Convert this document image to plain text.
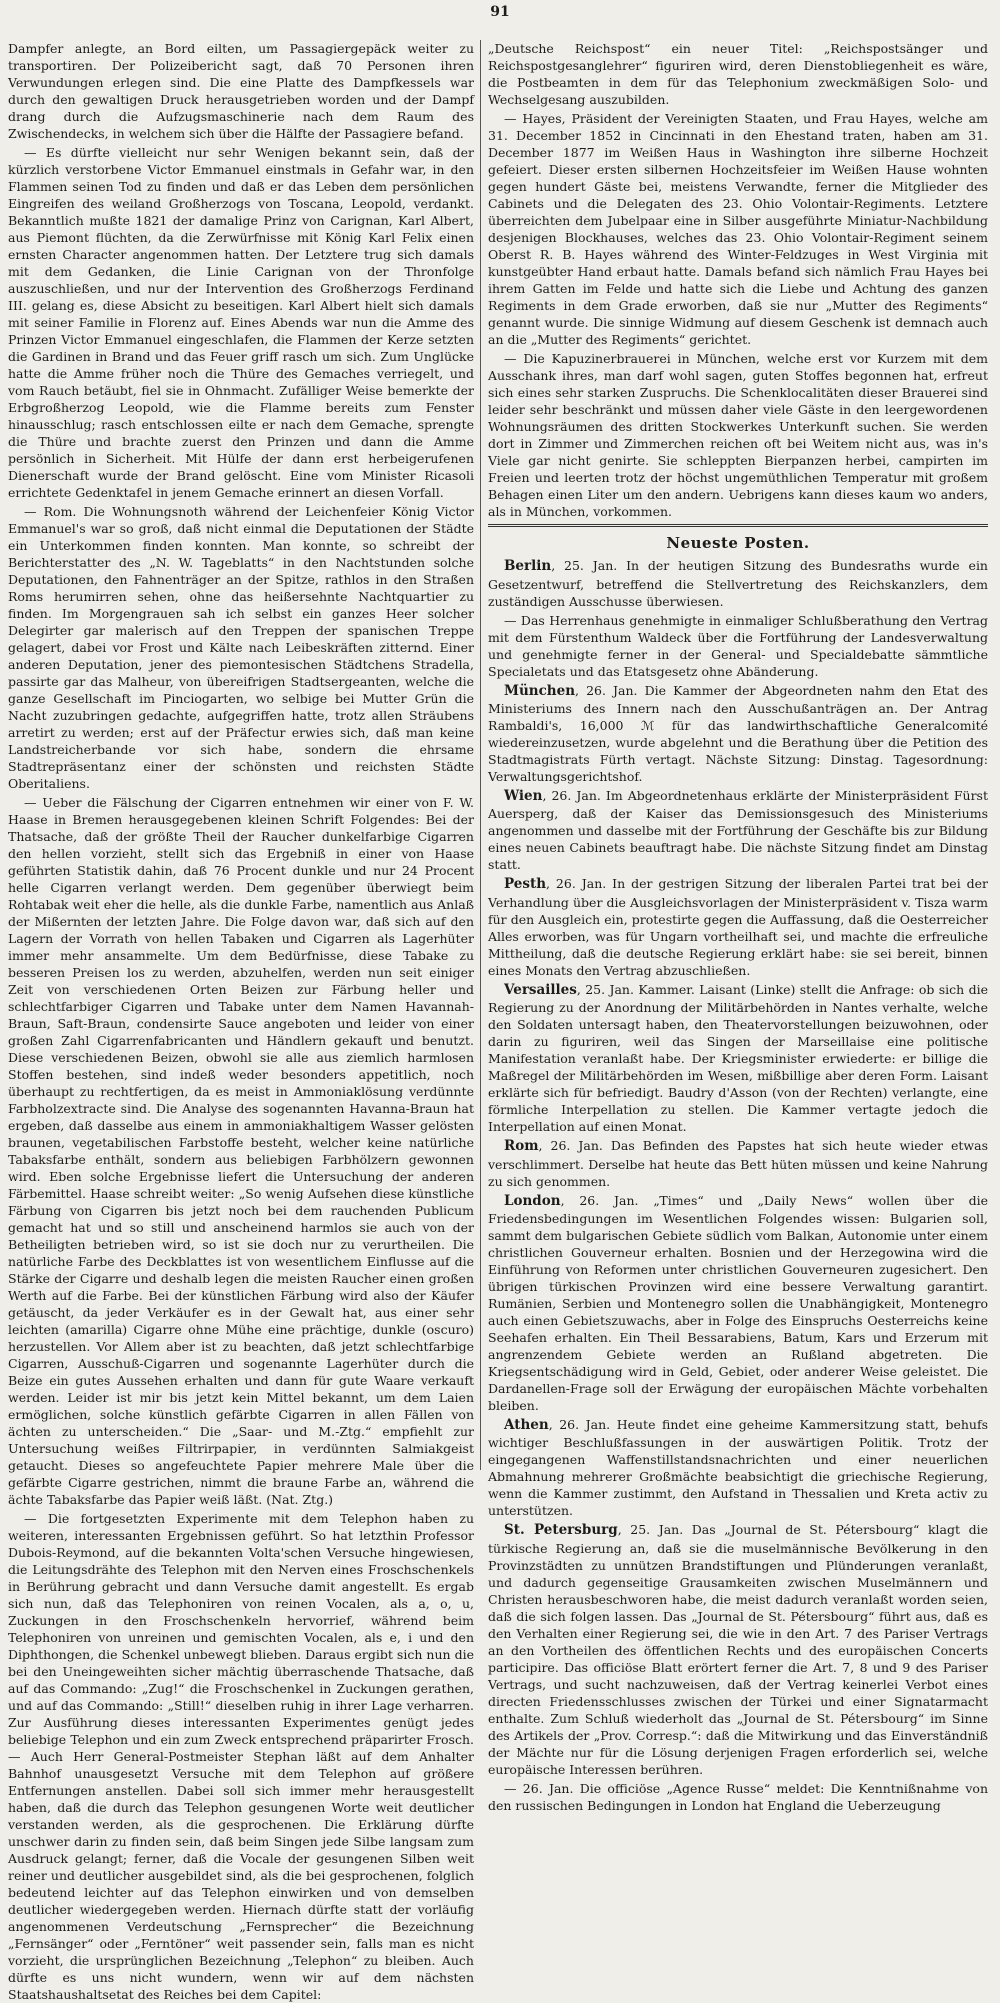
91

Dampfer anlegte, an Bord eilten, um Passagiergepäck weiter zu transportiren. Der Polizeibericht sagt, daß 70 Personen ihren Verwundungen erlegen sind. Die eine Platte des Dampfkessels war durch den gewaltigen Druck herausgetrieben worden und der Dampf drang durch die Aufzugsmaschinerie nach dem Raum des Zwischendecks, in welchem sich über die Hälfte der Passagiere befand.

— Es dürfte vielleicht nur sehr Wenigen bekannt sein, daß der kürzlich verstorbene Victor Emmanuel einstmals in Gefahr war, in den Flammen seinen Tod zu finden und daß er das Leben dem persönlichen Eingreifen des weiland Großherzogs von Toscana, Leopold, verdankt. Bekanntlich mußte 1821 der damalige Prinz von Carignan, Karl Albert, aus Piemont flüchten, da die Zerwürfnisse mit König Karl Felix einen ernsten Character angenommen hatten. Der Letztere trug sich damals mit dem Gedanken, die Linie Carignan von der Thronfolge auszuschließen, und nur der Intervention des Großherzogs Ferdinand III. gelang es, diese Absicht zu beseitigen. Karl Albert hielt sich damals mit seiner Familie in Florenz auf. Eines Abends war nun die Amme des Prinzen Victor Emmanuel eingeschlafen, die Flammen der Kerze setzten die Gardinen in Brand und das Feuer griff rasch um sich. Zum Unglücke hatte die Amme früher noch die Thüre des Gemaches verriegelt, und vom Rauch betäubt, fiel sie in Ohnmacht. Zufälliger Weise bemerkte der Erbgroßherzog Leopold, wie die Flamme bereits zum Fenster hinausschlug; rasch entschlossen eilte er nach dem Gemache, sprengte die Thüre und brachte zuerst den Prinzen und dann die Amme persönlich in Sicherheit. Mit Hülfe der dann erst herbeigerufenen Dienerschaft wurde der Brand gelöscht. Eine vom Minister Ricasoli errichtete Gedenktafel in jenem Gemache erinnert an diesen Vorfall.

— Rom. Die Wohnungsnoth während der Leichenfeier König Victor Emmanuel's war so groß, daß nicht einmal die Deputationen der Städte ein Unterkommen finden konnten. Man konnte, so schreibt der Berichterstatter des „N. W. Tageblatts“ in den Nachtstunden solche Deputationen, den Fahnenträger an der Spitze, rathlos in den Straßen Roms herumirren sehen, ohne das heißersehnte Nachtquartier zu finden. Im Morgengrauen sah ich selbst ein ganzes Heer solcher Delegirter gar malerisch auf den Treppen der spanischen Treppe gelagert, dabei vor Frost und Kälte nach Leibeskräften zitternd. Einer anderen Deputation, jener des piemontesischen Städtchens Stradella, passirte gar das Malheur, von übereifrigen Stadtsergeanten, welche die ganze Gesellschaft im Pinciogarten, wo selbige bei Mutter Grün die Nacht zuzubringen gedachte, aufgegriffen hatte, trotz allen Sträubens arretirt zu werden; erst auf der Präfectur erwies sich, daß man keine Landstreicherbande vor sich habe, sondern die ehrsame Stadtrepräsentanz einer der schönsten und reichsten Städte Oberitaliens.

— Ueber die Fälschung der Cigarren entnehmen wir einer von F. W. Haase in Bremen herausgegebenen kleinen Schrift Folgendes: Bei der Thatsache, daß der größte Theil der Raucher dunkelfarbige Cigarren den hellen vorzieht, stellt sich das Ergebniß in einer von Haase geführten Statistik dahin, daß 76 Procent dunkle und nur 24 Procent helle Cigarren verlangt werden. Dem gegenüber überwiegt beim Rohtabak weit eher die helle, als die dunkle Farbe, namentlich aus Anlaß der Mißernten der letzten Jahre. Die Folge davon war, daß sich auf den Lagern der Vorrath von hellen Tabaken und Cigarren als Lagerhüter immer mehr ansammelte. Um dem Bedürfnisse, diese Tabake zu besseren Preisen los zu werden, abzuhelfen, werden nun seit einiger Zeit von verschiedenen Orten Beizen zur Färbung heller und schlechtfarbiger Cigarren und Tabake unter dem Namen Havannah-Braun, Saft-Braun, condensirte Sauce angeboten und leider von einer großen Zahl Cigarrenfabricanten und Händlern gekauft und benutzt. Diese verschiedenen Beizen, obwohl sie alle aus ziemlich harmlosen Stoffen bestehen, sind indeß weder besonders appetitlich, noch überhaupt zu rechtfertigen, da es meist in Ammoniaklösung verdünnte Farbholzextracte sind. Die Analyse des sogenannten Havanna-Braun hat ergeben, daß dasselbe aus einem in ammoniakhaltigem Wasser gelösten braunen, vegetabilischen Farbstoffe besteht, welcher keine natürliche Tabaksfarbe enthält, sondern aus beliebigen Farbhölzern gewonnen wird. Eben solche Ergebnisse liefert die Untersuchung der anderen Färbemittel. Haase schreibt weiter: „So wenig Aufsehen diese künstliche Färbung von Cigarren bis jetzt noch bei dem rauchenden Publicum gemacht hat und so still und anscheinend harmlos sie auch von der Betheiligten betrieben wird, so ist sie doch nur zu verurtheilen. Die natürliche Farbe des Deckblattes ist von wesentlichem Einflusse auf die Stärke der Cigarre und deshalb legen die meisten Raucher einen großen Werth auf die Farbe. Bei der künstlichen Färbung wird also der Käufer getäuscht, da jeder Verkäufer es in der Gewalt hat, aus einer sehr leichten (amarilla) Cigarre ohne Mühe eine prächtige, dunkle (oscuro) herzustellen. Vor Allem aber ist zu beachten, daß jetzt schlechtfarbige Cigarren, Ausschuß-Cigarren und sogenannte Lagerhüter durch die Beize ein gutes Aussehen erhalten und dann für gute Waare verkauft werden. Leider ist mir bis jetzt kein Mittel bekannt, um dem Laien ermöglichen, solche künstlich gefärbte Cigarren in allen Fällen von ächten zu unterscheiden.“ Die „Saar- und M.-Ztg.“ empfiehlt zur Untersuchung weißes Filtrirpapier, in verdünnten Salmiakgeist getaucht. Dieses so angefeuchtete Papier mehrere Male über die gefärbte Cigarre gestrichen, nimmt die braune Farbe an, während die ächte Tabaksfarbe das Papier weiß läßt. (Nat. Ztg.)

— Die fortgesetzten Experimente mit dem Telephon haben zu weiteren, interessanten Ergebnissen geführt. So hat letzthin Professor Dubois-Reymond, auf die bekannten Volta'schen Versuche hingewiesen, die Leitungsdrähte des Telephon mit den Nerven eines Froschschenkels in Berührung gebracht und dann Versuche damit angestellt. Es ergab sich nun, daß das Telephoniren von reinen Vocalen, als a, o, u, Zuckungen in den Froschschenkeln hervorrief, während beim Telephoniren von unreinen und gemischten Vocalen, als e, i und den Diphthongen, die Schenkel unbewegt blieben. Daraus ergibt sich nun die bei den Uneingeweihten sicher mächtig überraschende Thatsache, daß auf das Commando: „Zug!“ die Froschschenkel in Zuckungen gerathen, und auf das Commando: „Still!“ dieselben ruhig in ihrer Lage verharren. Zur Ausführung dieses interessanten Experimentes genügt jedes beliebige Telephon und ein zum Zweck entsprechend präparirter Frosch. — Auch Herr General-Postmeister Stephan läßt auf dem Anhalter Bahnhof unausgesetzt Versuche mit dem Telephon auf größere Entfernungen anstellen. Dabei soll sich immer mehr herausgestellt haben, daß die durch das Telephon gesungenen Worte weit deutlicher verstanden werden, als die gesprochenen. Die Erklärung dürfte unschwer darin zu finden sein, daß beim Singen jede Silbe langsam zum Ausdruck gelangt; ferner, daß die Vocale der gesungenen Silben weit reiner und deutlicher ausgebildet sind, als die bei gesprochenen, folglich bedeutend leichter auf das Telephon einwirken und von demselben deutlicher wiedergegeben werden. Hiernach dürfte statt der vorläufig angenommenen Verdeutschung „Fernsprecher“ die Bezeichnung „Fernsänger“ oder „Ferntöner“ weit passender sein, falls man es nicht vorzieht, die ursprünglichen Bezeichnung „Telephon“ zu bleiben. Auch dürfte es uns nicht wundern, wenn wir auf dem nächsten Staatshaushaltsetat des Reiches bei dem Capitel:

„Deutsche Reichspost“ ein neuer Titel: „Reichspostsänger und Reichspostgesanglehrer“ figuriren wird, deren Dienstobliegenheit es wäre, die Postbeamten in dem für das Telephonium zweckmäßigen Solo- und Wechselgesang auszubilden.

— Hayes, Präsident der Vereinigten Staaten, und Frau Hayes, welche am 31. December 1852 in Cincinnati in den Ehestand traten, haben am 31. December 1877 im Weißen Haus in Washington ihre silberne Hochzeit gefeiert. Dieser ersten silbernen Hochzeitsfeier im Weißen Hause wohnten gegen hundert Gäste bei, meistens Verwandte, ferner die Mitglieder des Cabinets und die Delegaten des 23. Ohio Volontair-Regiments. Letztere überreichten dem Jubelpaar eine in Silber ausgeführte Miniatur-Nachbildung desjenigen Blockhauses, welches das 23. Ohio Volontair-Regiment seinem Oberst R. B. Hayes während des Winter-Feldzuges in West Virginia mit kunstgeübter Hand erbaut hatte. Damals befand sich nämlich Frau Hayes bei ihrem Gatten im Felde und hatte sich die Liebe und Achtung des ganzen Regiments in dem Grade erworben, daß sie nur „Mutter des Regiments“ genannt wurde. Die sinnige Widmung auf diesem Geschenk ist demnach auch an die „Mutter des Regiments“ gerichtet.

— Die Kapuzinerbrauerei in München, welche erst vor Kurzem mit dem Ausschank ihres, man darf wohl sagen, guten Stoffes begonnen hat, erfreut sich eines sehr starken Zuspruchs. Die Schenklocalitäten dieser Brauerei sind leider sehr beschränkt und müssen daher viele Gäste in den leergewordenen Wohnungsräumen des dritten Stockwerkes Unterkunft suchen. Sie werden dort in Zimmer und Zimmerchen reichen oft bei Weitem nicht aus, was in's Viele gar nicht genirte. Sie schleppten Bierpanzen herbei, campirten im Freien und leerten trotz der höchst ungemüthlichen Temperatur mit großem Behagen einen Liter um den andern. Uebrigens kann dieses kaum wo anders, als in München, vorkommen.

Neueste Posten.

Berlin, 25. Jan. In der heutigen Sitzung des Bundesraths wurde ein Gesetzentwurf, betreffend die Stellvertretung des Reichskanzlers, dem zuständigen Ausschusse überwiesen.

— Das Herrenhaus genehmigte in einmaliger Schlußberathung den Vertrag mit dem Fürstenthum Waldeck über die Fortführung der Landesverwaltung und genehmigte ferner in der General- und Specialdebatte sämmtliche Specialetats und das Etatsgesetz ohne Abänderung.

München, 26. Jan. Die Kammer der Abgeordneten nahm den Etat des Ministeriums des Innern nach den Ausschußanträgen an. Der Antrag Rambaldi's, 16,000 ℳ für das landwirthschaftliche Generalcomité wiedereinzusetzen, wurde abgelehnt und die Berathung über die Petition des Stadtmagistrats Fürth vertagt. Nächste Sitzung: Dinstag. Tagesordnung: Verwaltungsgerichtshof.

Wien, 26. Jan. Im Abgeordnetenhaus erklärte der Ministerpräsident Fürst Auersperg, daß der Kaiser das Demissionsgesuch des Ministeriums angenommen und dasselbe mit der Fortführung der Geschäfte bis zur Bildung eines neuen Cabinets beauftragt habe. Die nächste Sitzung findet am Dinstag statt.

Pesth, 26. Jan. In der gestrigen Sitzung der liberalen Partei trat bei der Verhandlung über die Ausgleichsvorlagen der Ministerpräsident v. Tisza warm für den Ausgleich ein, protestirte gegen die Auffassung, daß die Oesterreicher Alles erworben, was für Ungarn vortheilhaft sei, und machte die erfreuliche Mittheilung, daß die deutsche Regierung erklärt habe: sie sei bereit, binnen eines Monats den Vertrag abzuschließen.

Versailles, 25. Jan. Kammer. Laisant (Linke) stellt die Anfrage: ob sich die Regierung zu der Anordnung der Militärbehörden in Nantes verhalte, welche den Soldaten untersagt haben, den Theatervorstellungen beizuwohnen, oder darin zu figuriren, weil das Singen der Marseillaise eine politische Manifestation veranlaßt habe. Der Kriegsminister erwiederte: er billige die Maßregel der Militärbehörden im Wesen, mißbillige aber deren Form. Laisant erklärte sich für befriedigt. Baudry d'Asson (von der Rechten) verlangte, eine förmliche Interpellation zu stellen. Die Kammer vertagte jedoch die Interpellation auf einen Monat.

Rom, 26. Jan. Das Befinden des Papstes hat sich heute wieder etwas verschlimmert. Derselbe hat heute das Bett hüten müssen und keine Nahrung zu sich genommen.

London, 26. Jan. „Times“ und „Daily News“ wollen über die Friedensbedingungen im Wesentlichen Folgendes wissen: Bulgarien soll, sammt dem bulgarischen Gebiete südlich vom Balkan, Autonomie unter einem christlichen Gouverneur erhalten. Bosnien und der Herzegowina wird die Einführung von Reformen unter christlichen Gouverneuren zugesichert. Den übrigen türkischen Provinzen wird eine bessere Verwaltung garantirt. Rumänien, Serbien und Montenegro sollen die Unabhängigkeit, Montenegro auch einen Gebietszuwachs, aber in Folge des Einspruchs Oesterreichs keine Seehafen erhalten. Ein Theil Bessarabiens, Batum, Kars und Erzerum mit angrenzendem Gebiete werden an Rußland abgetreten. Die Kriegsentschädigung wird in Geld, Gebiet, oder anderer Weise geleistet. Die Dardanellen-Frage soll der Erwägung der europäischen Mächte vorbehalten bleiben.

Athen, 26. Jan. Heute findet eine geheime Kammersitzung statt, behufs wichtiger Beschlußfassungen in der auswärtigen Politik. Trotz der eingegangenen Waffenstillstandsnachrichten und einer neuerlichen Abmahnung mehrerer Großmächte beabsichtigt die griechische Regierung, wenn die Kammer zustimmt, den Aufstand in Thessalien und Kreta activ zu unterstützen.

St. Petersburg, 25. Jan. Das „Journal de St. Pétersbourg“ klagt die türkische Regierung an, daß sie die muselmännische Bevölkerung in den Provinzstädten zu unnützen Brandstiftungen und Plünderungen veranlaßt, und dadurch gegenseitige Grausamkeiten zwischen Muselmännern und Christen herausbeschworen habe, die meist dadurch veranlaßt worden seien, daß die sich folgen lassen. Das „Journal de St. Pétersbourg“ führt aus, daß es den Verhalten einer Regierung sei, die wie in den Art. 7 des Pariser Vertrags an den Vortheilen des öffentlichen Rechts und des europäischen Concerts participire. Das officiöse Blatt erörtert ferner die Art. 7, 8 und 9 des Pariser Vertrags, und sucht nachzuweisen, daß der Vertrag keinerlei Verbot eines directen Friedensschlusses zwischen der Türkei und einer Signatarmacht enthalte. Zum Schluß wiederholt das „Journal de St. Pétersbourg“ im Sinne des Artikels der „Prov. Corresp.“: daß die Mitwirkung und das Einverständniß der Mächte nur für die Lösung derjenigen Fragen erforderlich sei, welche europäische Interessen berühren.

— 26. Jan. Die officiöse „Agence Russe“ meldet: Die Kenntnißnahme von den russischen Bedingungen in London hat England die Ueberzeugung
